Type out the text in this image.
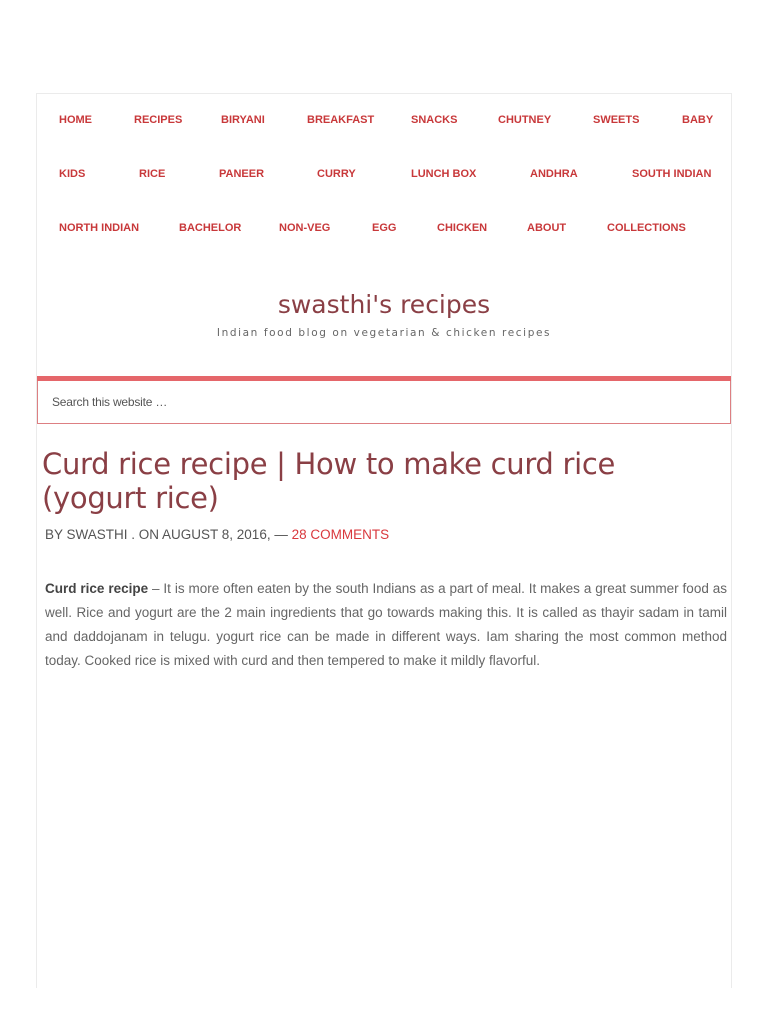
HOME	RECIPES	BIRYANI	BREAKFAST	SNACKS	CHUTNEY	SWEETS	BABY
KIDS	RICE	PANEER	CURRY	LUNCH BOX	ANDHRA	SOUTH INDIAN
NORTH INDIAN	BACHELOR	NON-VEG	EGG	CHICKEN	ABOUT	COLLECTIONS
swasthi's recipes
Indian food blog on vegetarian & chicken recipes
Search this website …
Curd rice recipe | How to make curd rice (yogurt rice)
BY SWASTHI . ON AUGUST 8, 2016, — 28 COMMENTS

Curd rice recipe – It is more often eaten by the south Indians as a part of meal. It makes a great summer food as well. Rice and yogurt are the 2 main ingredients that go towards making this. It is called as thayir sadam in tamil and daddojanam in telugu. yogurt rice can be made in different ways. Iam sharing the most common method today. Cooked rice is mixed with curd and then tempered to make it mildly flavorful.
